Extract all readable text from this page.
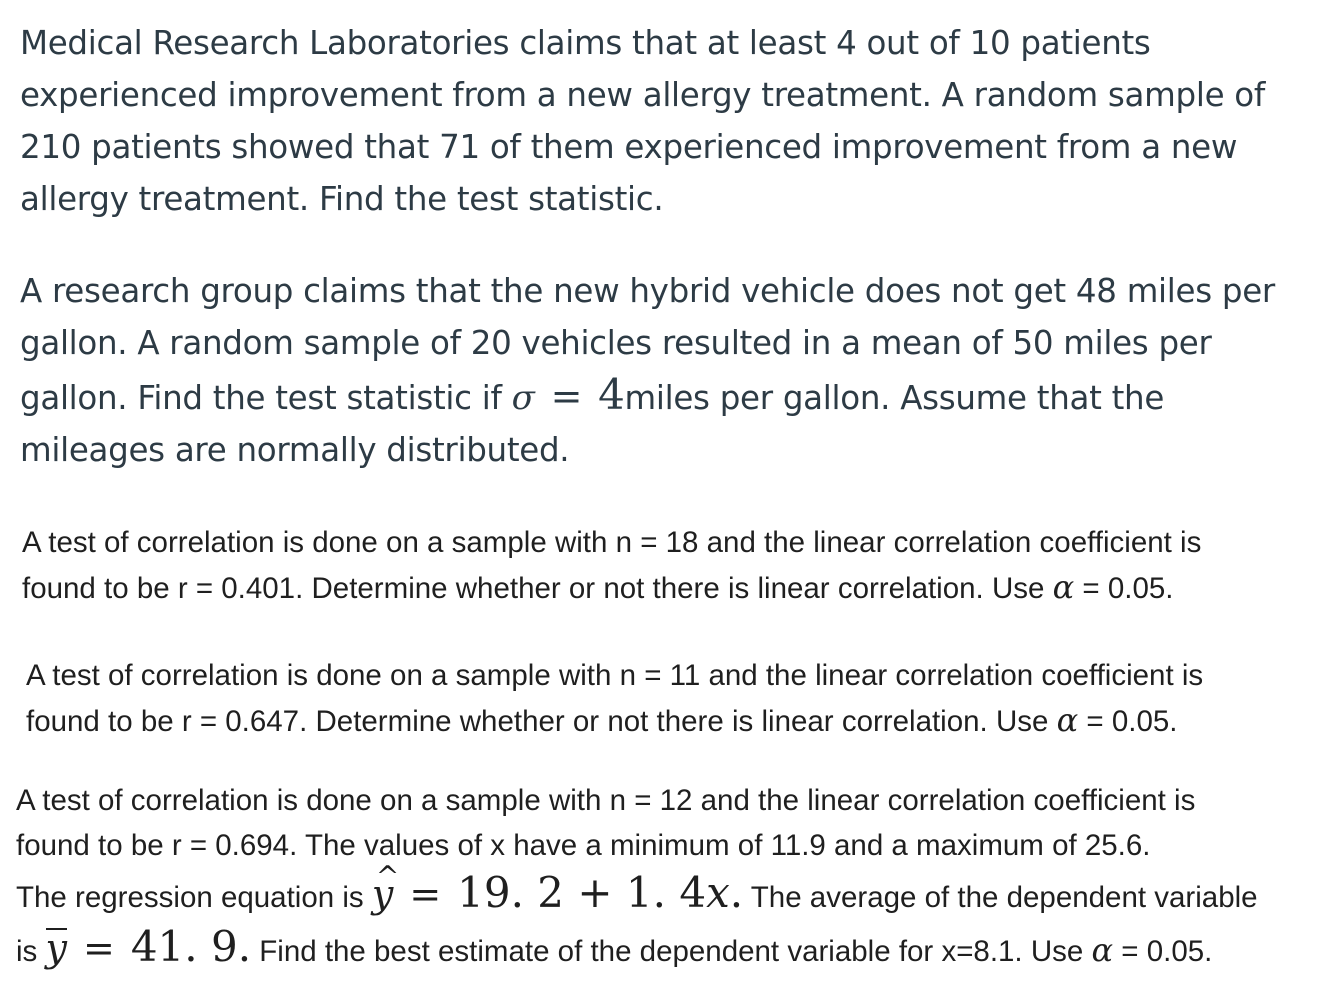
Medical Research Laboratories claims that at least 4 out of 10 patients
experienced improvement from a new allergy treatment. A random sample of
210 patients showed that 71 of them experienced improvement from a new
allergy treatment. Find the test statistic.
A research group claims that the new hybrid vehicle does not get 48 miles per
gallon. A random sample of 20 vehicles resulted in a mean of 50 miles per
gallon. Find the test statistic if σ = 4miles per gallon. Assume that the
mileages are normally distributed.
A test of correlation is done on a sample with n = 18 and the linear correlation coefficient is
found to be r = 0.401. Determine whether or not there is linear correlation. Use α = 0.05.
A test of correlation is done on a sample with n = 11 and the linear correlation coefficient is
found to be r = 0.647. Determine whether or not there is linear correlation. Use α = 0.05.
A test of correlation is done on a sample with n = 12 and the linear correlation coefficient is
found to be r = 0.694. The values of x have a minimum of 11.9 and a maximum of 25.6.
The regression equation is ^ y = 19. 2 + 1. 4x. The average of the dependent variable
is y = 41. 9. Find the best estimate of the dependent variable for x=8.1. Use α = 0.05.
